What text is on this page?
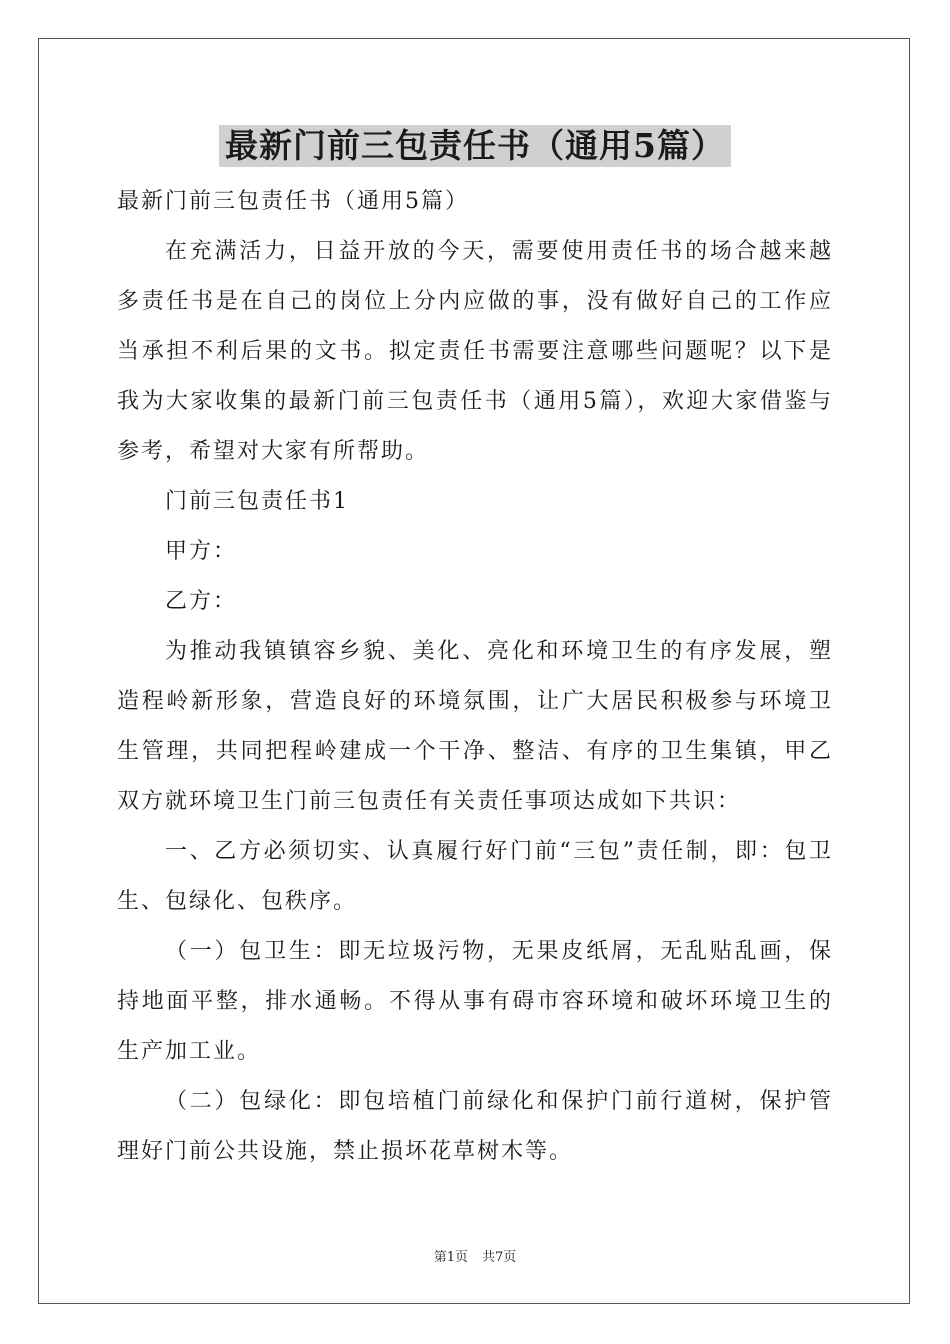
最新门前三包责任书（通用5篇）

最新门前三包责任书（通用5篇）

在充满活力，日益开放的今天，需要使用责任书的场合越来越多责任书是在自己的岗位上分内应做的事，没有做好自己的工作应当承担不利后果的文书。拟定责任书需要注意哪些问题呢？以下是我为大家收集的最新门前三包责任书（通用5篇），欢迎大家借鉴与参考，希望对大家有所帮助。

门前三包责任书1

甲方：

乙方：

为推动我镇镇容乡貌、美化、亮化和环境卫生的有序发展，塑造程岭新形象，营造良好的环境氛围，让广大居民积极参与环境卫生管理，共同把程岭建成一个干净、整洁、有序的卫生集镇，甲乙双方就环境卫生门前三包责任有关责任事项达成如下共识：

一、乙方必须切实、认真履行好门前“三包”责任制，即：包卫生、包绿化、包秩序。

（一）包卫生：即无垃圾污物，无果皮纸屑，无乱贴乱画，保持地面平整，排水通畅。不得从事有碍市容环境和破坏环境卫生的生产加工业。

（二）包绿化：即包培植门前绿化和保护门前行道树，保护管理好门前公共设施，禁止损坏花草树木等。

第1页 共7页
